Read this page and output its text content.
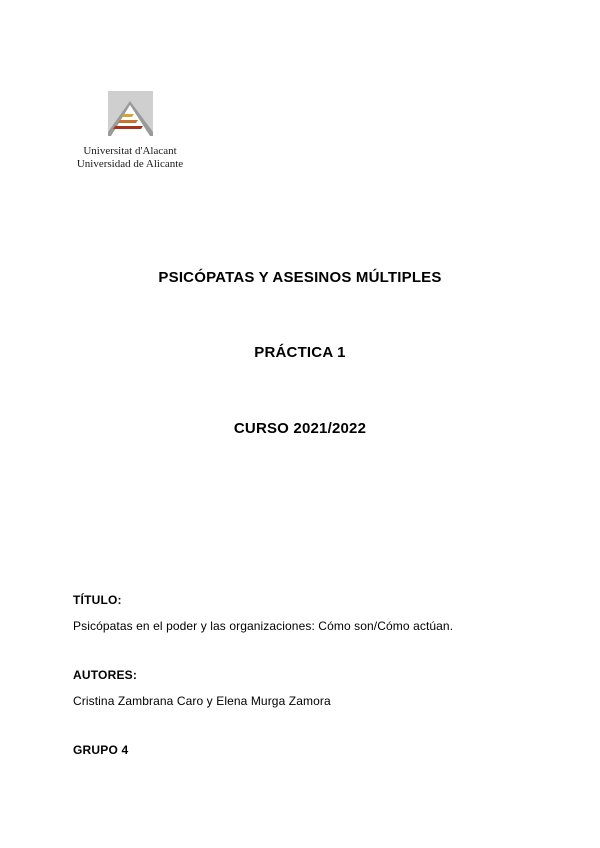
Universitat d'Alacant
Universidad de Alicante
PSICÓPATAS Y ASESINOS MÚLTIPLES
PRÁCTICA 1
CURSO 2021/2022
TÍTULO:
Psicópatas en el poder y las organizaciones: Cómo son/Cómo actúan.
AUTORES:
Cristina Zambrana Caro y Elena Murga Zamora
GRUPO 4
